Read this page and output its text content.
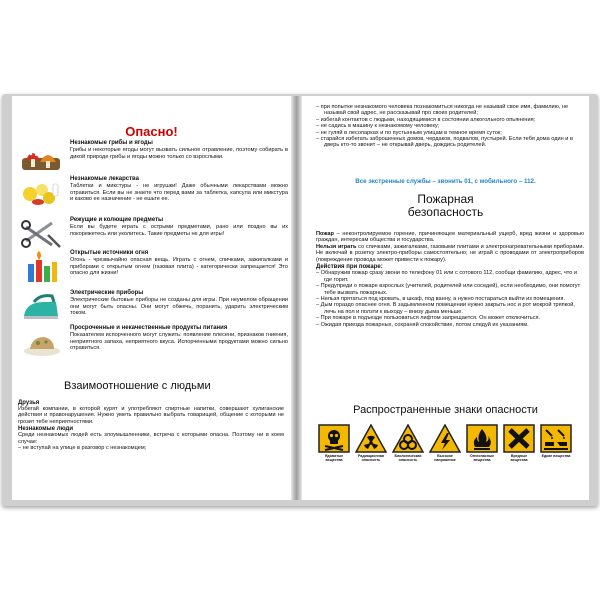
Опасно!
Незнакомые грибы и ягоды
Грибы и некоторые ягоды могут вызвать сильное отравление, поэтому собирать в дикой природе грибы и ягоды можно только со взрослыми.
Незнакомые лекарства
Таблетки и микстуры - не игрушки! Даже обычными лекарствами можно отравиться. Если вы не знаете что перед вами за таблетка, капсула или микстура и каково ее назначение - не ешьте ее.
Режущие и колющие предметы
Если вы будете играть с острыми предметами, рано или поздно вы их покорежетесь или уколитесь. Такие предметы не для игры!
Открытые источники огня
Огонь - чрезвычайно опасная вещь. Играть с огнем, спичками, зажигалками и приборами с открытым огнем (газовая плита) - категорически запрещается! Это опасно для жизни!
Электрические приборы
Электрические бытовые приборы не созданы для игры. При неумелом обращении они могут быть опасны. Они могут обжечь, поранить, ударить электрическим током.
Просроченные и некачественные продукты питания
Показателем испорченного могут служить: появление плесени, признаков гниения, неприятного запаха, неприятного вкуса. Испорченными продуктами можно сильно отравиться.
Взаимоотношение с людьми
Друзья
Избегай компании, в которой курят и употребляют спиртные напитки, совершают хулиганские действия и правонарушения. Нужно уметь правильно выбрать товарищей, общение с которыми не грозит тебе неприятностями.
Незнакомые люди
Среди незнакомых людей есть злоумышленники, встреча с которыми опасна. Поэтому ни в коем случае:
– не вступай на улице в разговор с незнакомцем;
– при попытке незнакомого человека познакомиться никогда не называй свое имя, фамилию, не называй свой адрес, не рассказывай про своих родителей;
– избегай контактов с людьми, находящимися в состоянии алкогольного опьянения;
– не садись в машину к незнакомому человеку;
– не гуляй в лесопарках и по пустынным улицам в темное время суток;
– старайся избегать заброшенных домов, чердаков, подвалов, пустырей. Если тебя дома один и в дверь кто-то звонит – не открывай дверь, дождись родителей.
Все экстренные службы – звонить 01, с мобильного – 112.
Пожарная
безопасность
Пожар – неконтролируемое горение, причиняющее материальный ущерб, вред жизни и здоровью граждан, интересам общества и государства.
Нельзя играть со спичками, зажигалками, газовыми плитами и электронагревательными приборами. Не включай в розетку электро-приборы самостоятельно; не играй с проводами от электроприборов (повреждение провода может привести к пожару).
Действия при пожаре:
– Обнаружив пожар сразу звони по телефону 01 или с сотового 112, сообщи фамилию, адрес, что и где горит.
– Предупреди о пожаре взрослых (учителей, родителей или соседей), если необходимо, они помогут тебе вызвать пожарных.
– Нельзя прятаться под кровать, в шкаф, под ванну, а нужно постараться выйти из помещения.
– Дым гораздо опаснее огня. В задымленном помещении нужно закрыть нос и рот мокрой тряпкой, лечь на пол и ползти к выходу – внизу дыма меньше.
– При пожаре в подъезде пользоваться лифтом запрещается. Он может отключиться.
– Ожидая приезда пожарных, сохраняй спокойствие, потом следуй их указаниям.
Распространенные знаки опасности
Ядовитые вещества
Радиационная опасность
Биологическая опасность
Высокое напряжение
Огнеопасные вещества
Вредные вещества
Едкие вещества
